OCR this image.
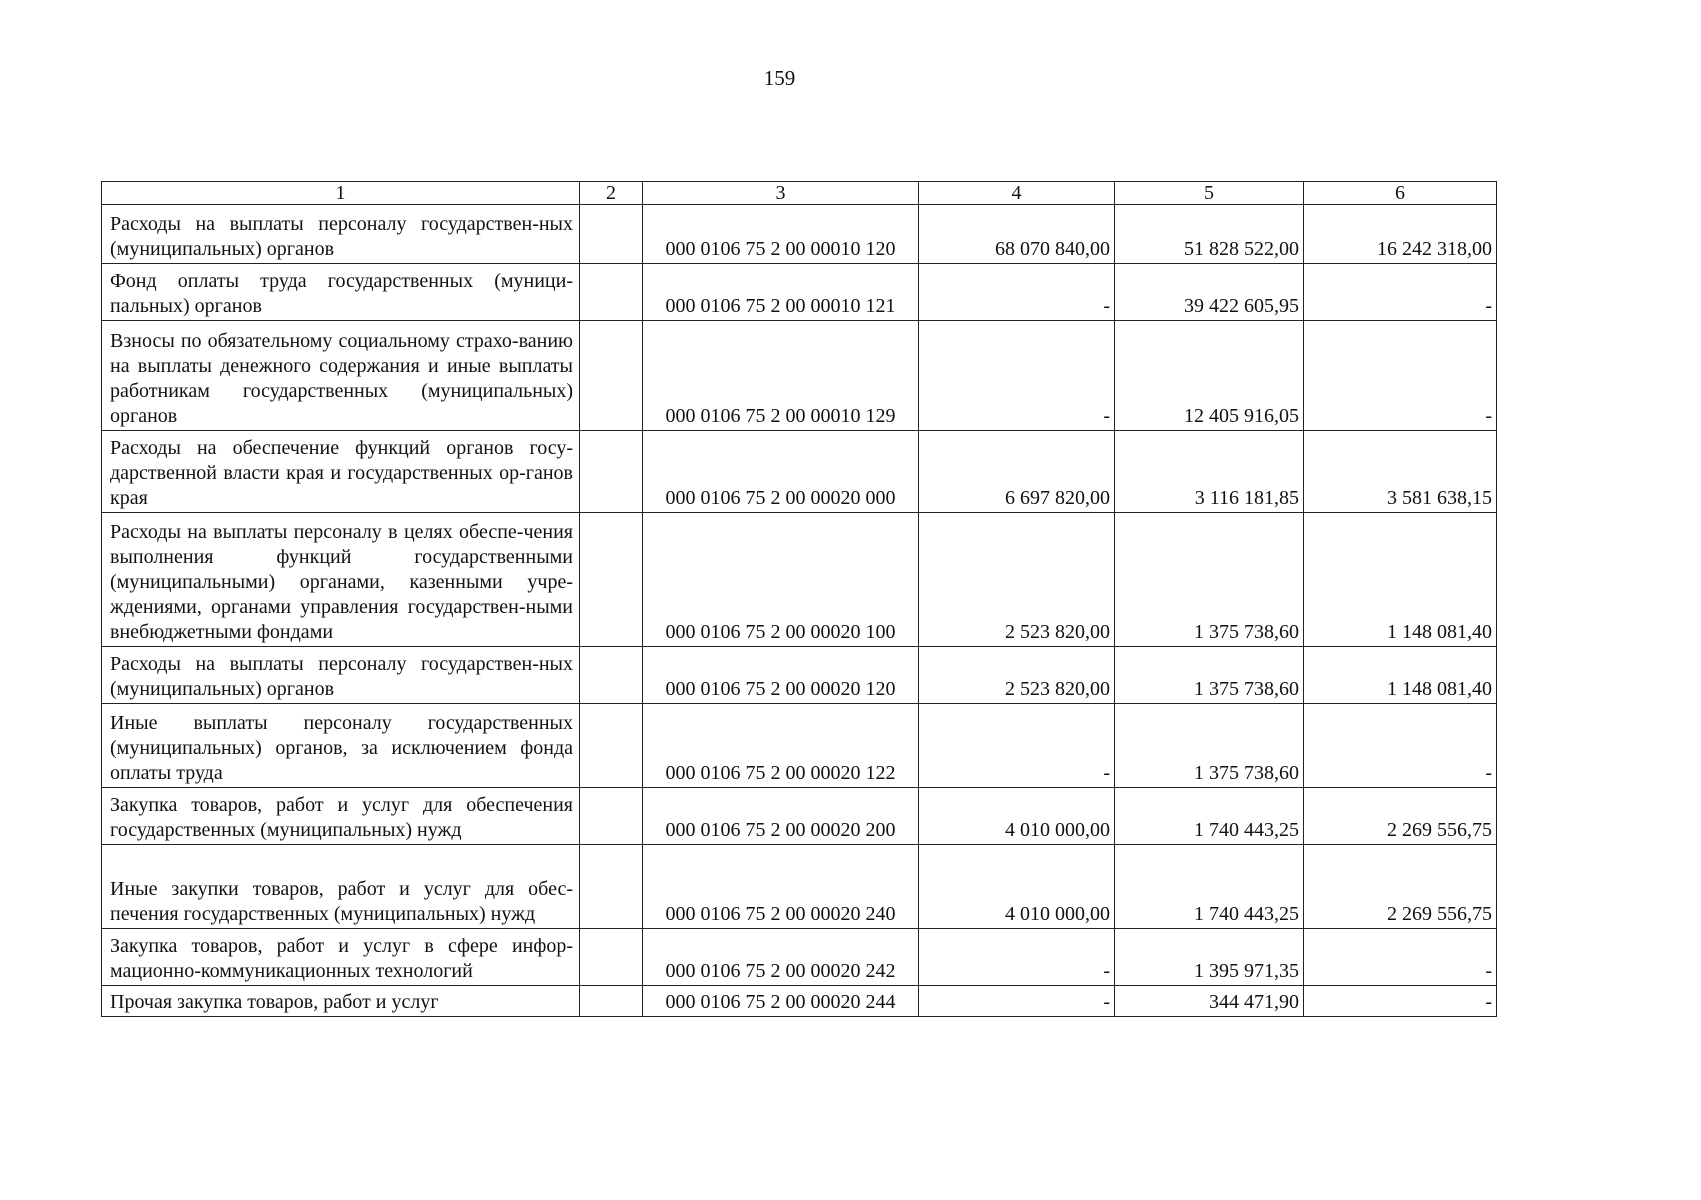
159
1	2	3	4	5	6
Расходы на выплаты персоналу государствен-ных (муниципальных) органов		000 0106 75 2 00 00010 120	68 070 840,00	51 828 522,00	16 242 318,00
Фонд оплаты труда государственных (муници-пальных) органов		000 0106 75 2 00 00010 121	-	39 422 605,95	-
Взносы по обязательному социальному страхо-ванию на выплаты денежного содержания и иные выплаты работникам государственных (муниципальных) органов		000 0106 75 2 00 00010 129	-	12 405 916,05	-
Расходы на обеспечение функций органов госу-дарственной власти края и государственных ор-ганов края		000 0106 75 2 00 00020 000	6 697 820,00	3 116 181,85	3 581 638,15
Расходы на выплаты персоналу в целях обеспе-чения выполнения функций государственными (муниципальными) органами, казенными учре-ждениями, органами управления государствен-ными внебюджетными фондами		000 0106 75 2 00 00020 100	2 523 820,00	1 375 738,60	1 148 081,40
Расходы на выплаты персоналу государствен-ных (муниципальных) органов		000 0106 75 2 00 00020 120	2 523 820,00	1 375 738,60	1 148 081,40
Иные выплаты персоналу государственных (муниципальных) органов, за исключением фонда оплаты труда		000 0106 75 2 00 00020 122	-	1 375 738,60	-
Закупка товаров, работ и услуг для обеспечения государственных (муниципальных) нужд		000 0106 75 2 00 00020 200	4 010 000,00	1 740 443,25	2 269 556,75
Иные закупки товаров, работ и услуг для обес-печения государственных (муниципальных) нужд		000 0106 75 2 00 00020 240	4 010 000,00	1 740 443,25	2 269 556,75
Закупка товаров, работ и услуг в сфере инфор-мационно-коммуникационных технологий		000 0106 75 2 00 00020 242	-	1 395 971,35	-
Прочая закупка товаров, работ и услуг		000 0106 75 2 00 00020 244	-	344 471,90	-
